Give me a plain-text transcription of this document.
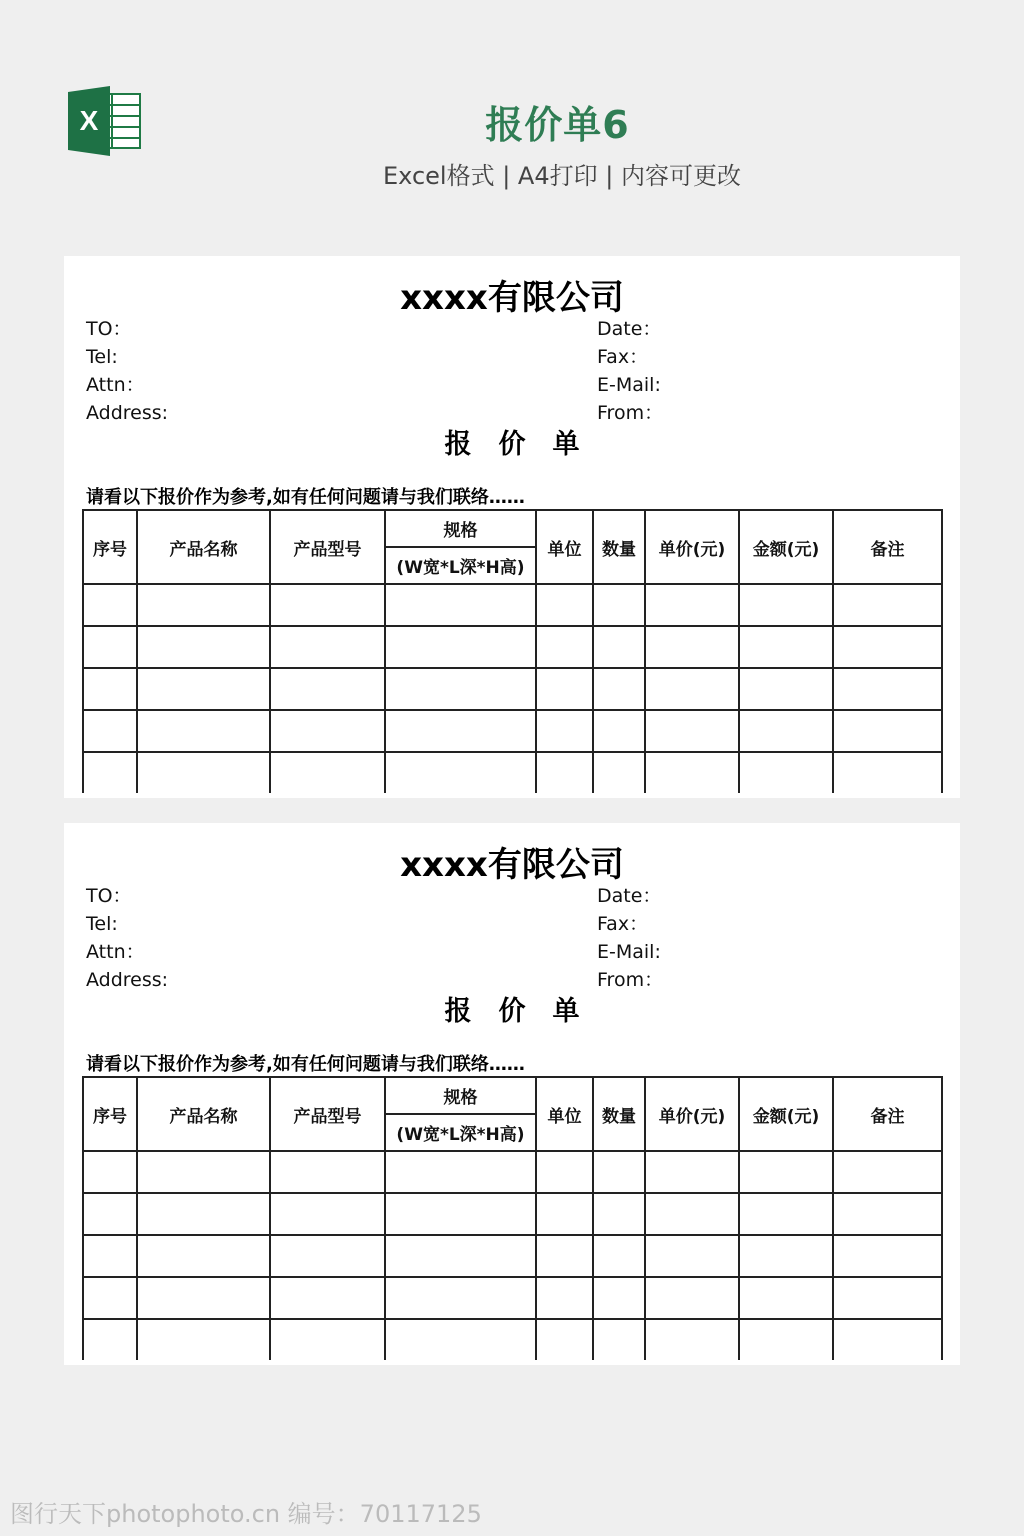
X	报价单6
Excel格式 | A4打印 | 内容可更改
xxxx有限公司
TO：
Tel:
Attn：
Address:
Date：
Fax：
E-Mail:
From：
报　价　单
请看以下报价作为参考,如有任何问题请与我们联络……
序号	产品名称	产品型号	规格	单位	数量	单价(元)	金额(元)	备注
			(W宽*L深*H高)					

xxxx有限公司
TO：
Tel:
Attn：
Address:
Date：
Fax：
E-Mail:
From：
报　价　单
请看以下报价作为参考,如有任何问题请与我们联络……
序号	产品名称	产品型号	规格	单位	数量	单价(元)	金额(元)	备注
			(W宽*L深*H高)					

图行天下photophoto.cn 编号：70117125
